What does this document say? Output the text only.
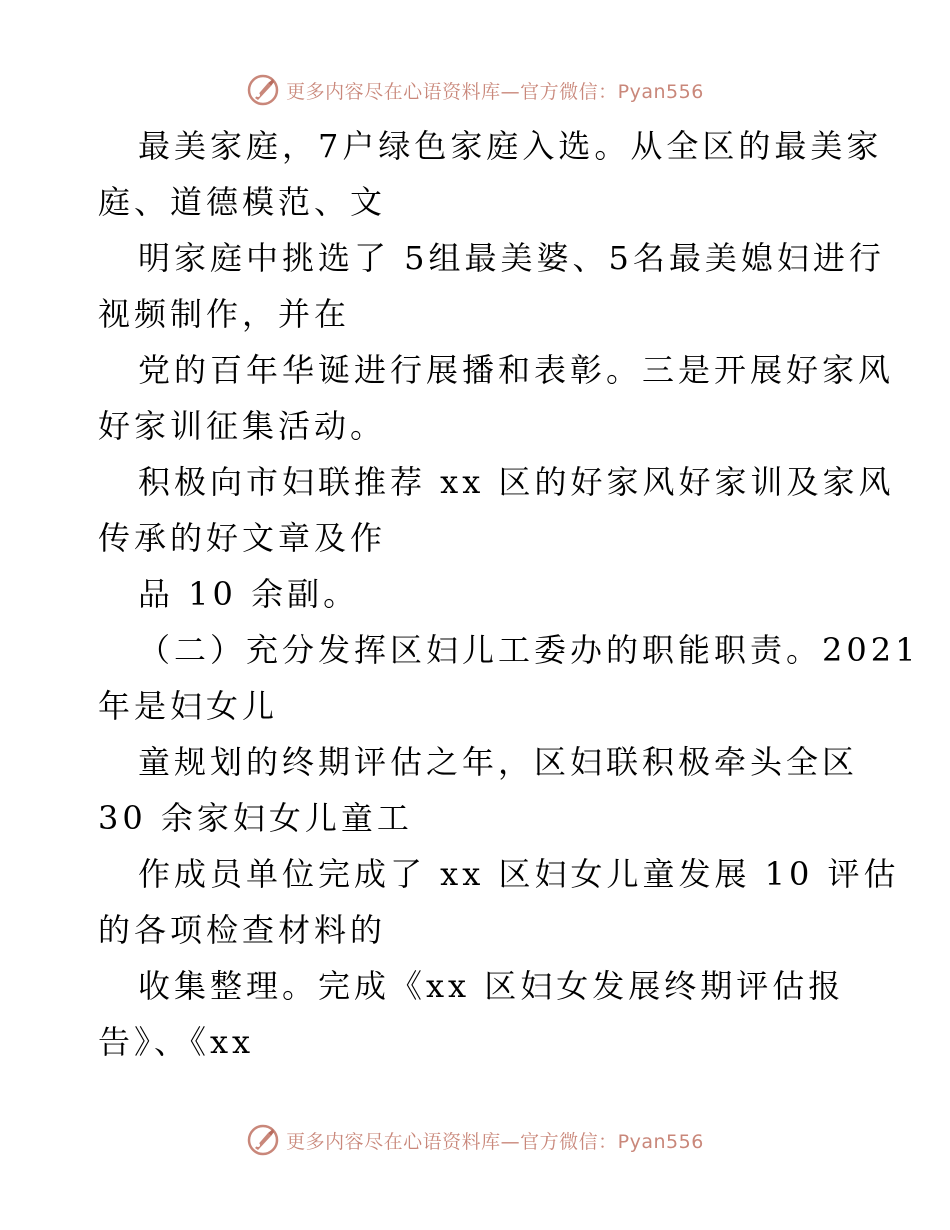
更多内容尽在心语资料库—官方微信：Pyan556
最美家庭，7户绿色家庭入选。从全区的最美家
庭、道德模范、文
明家庭中挑选了 5组最美婆、5名最美媳妇进行
视频制作，并在
党的百年华诞进行展播和表彰。三是开展好家风
好家训征集活动。
积极向市妇联推荐 xx 区的好家风好家训及家风
传承的好文章及作
品 10 余副。
（二）充分发挥区妇儿工委办的职能职责。2021
年是妇女儿
童规划的终期评估之年，区妇联积极牵头全区
30 余家妇女儿童工
作成员单位完成了 xx 区妇女儿童发展 10 评估
的各项检查材料的
收集整理。完成《xx 区妇女发展终期评估报
告》、《xx
更多内容尽在心语资料库—官方微信：Pyan556
